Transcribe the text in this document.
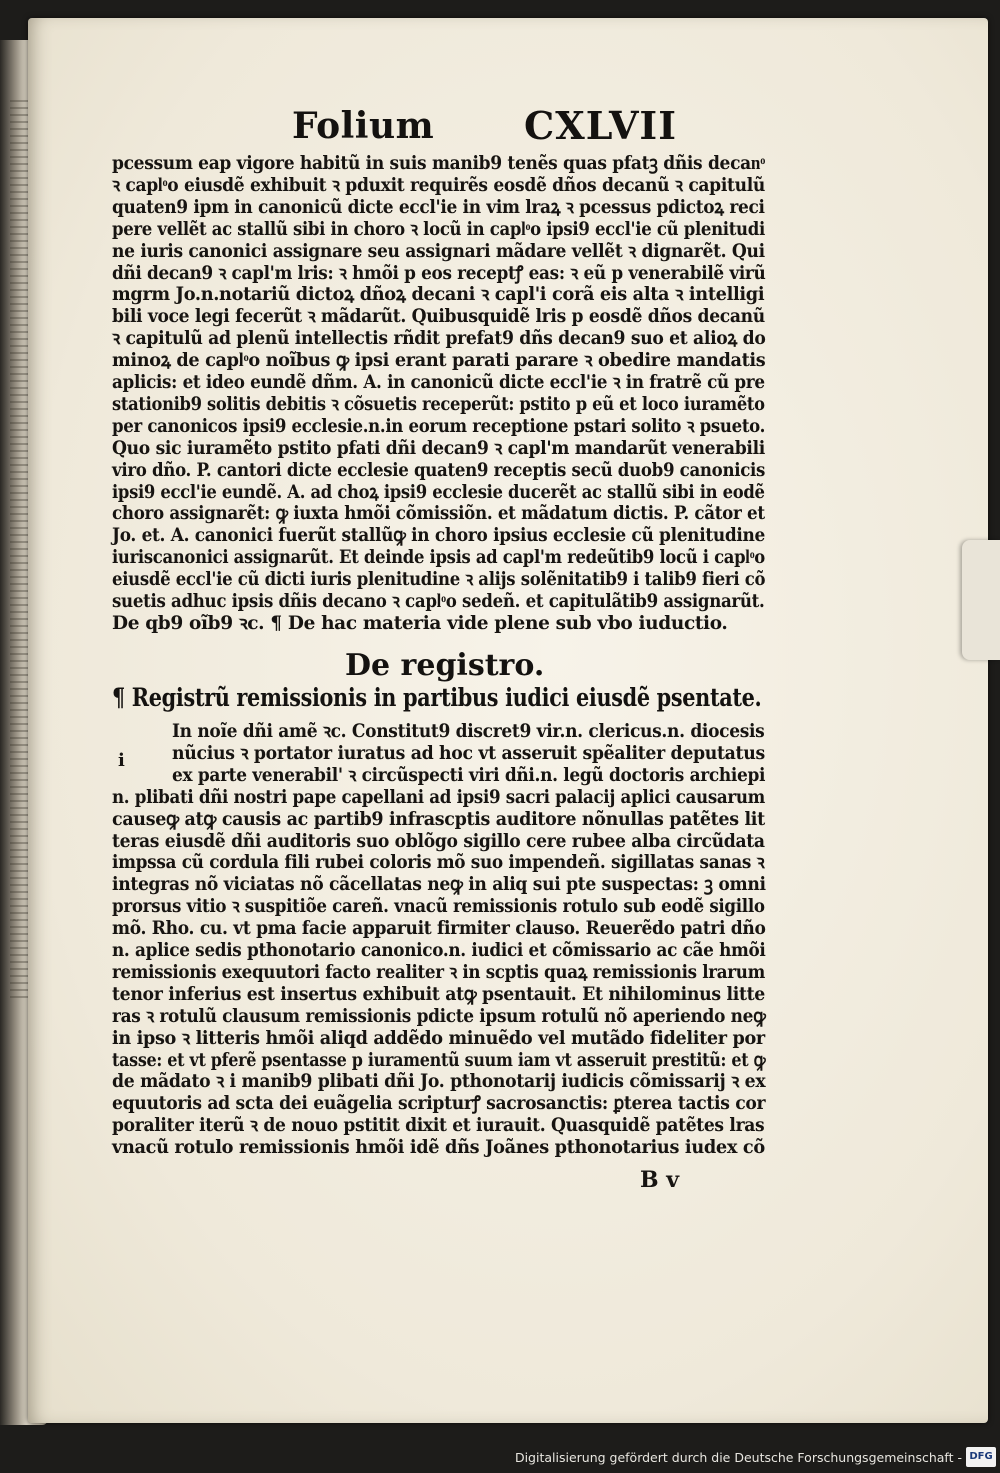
Folium CXLVII
pcessum eap vigore habitũ in suis manib9 tenẽs quas pfatꝫ dñis decanͦ
ꝛ caplͦo eiusdẽ exhibuit ꝛ pduxit requirẽs eosdẽ dños decanũ ꝛ capitulũ
quaten9 ipm in canonicũ dicte eccl'ie in vim lraꝝ ꝛ pcessus pdictoꝝ reci
pere vellẽt ac stallũ sibi in choro ꝛ locũ in caplͦo ipsi9 eccl'ie cũ plenitudi
ne iuris canonici assignare seu assignari mãdare vellẽt ꝛ dignarẽt. Qui
dñi decan9 ꝛ capl'm lris: ꝛ hmõi p eos receptꝭ eas: ꝛ eũ p venerabilẽ virũ
mgrm Jo.n.notariũ dictoꝝ dñoꝝ decani ꝛ capl'i corã eis alta ꝛ intelligi
bili voce legi fecerũt ꝛ mãdarũt. Quibusquidẽ lris p eosdẽ dños decanũ
ꝛ capitulũ ad plenũ intellectis rñdit prefat9 dñs decan9 suo et alioꝝ do
minoꝝ de caplͦo noĩbus ꝙ ipsi erant parati parare ꝛ obedire mandatis
aplicis: et ideo eundẽ dñm. A. in canonicũ dicte eccl'ie ꝛ in fratrẽ cũ pre
stationib9 solitis debitis ꝛ cõsuetis receperũt: pstito p eũ et loco iuramẽto
per canonicos ipsi9 ecclesie.n.in eorum receptione pstari solito ꝛ psueto.
Quo sic iuramẽto pstito pfati dñi decan9 ꝛ capl'm mandarũt venerabili
viro dño. P. cantori dicte ecclesie quaten9 receptis secũ duob9 canonicis
ipsi9 eccl'ie eundẽ. A. ad choꝝ ipsi9 ecclesie ducerẽt ac stallũ sibi in eodẽ
choro assignarẽt: ꝙ iuxta hmõi cõmissiõn. et mãdatum dictis. P. cãtor et
Jo. et. A. canonici fuerũt stallũꝙ in choro ipsius ecclesie cũ plenitudine
iuriscanonici assignarũt. Et deinde ipsis ad capl'm redeũtib9 locũ i caplͦo
eiusdẽ eccl'ie cũ dicti iuris plenitudine ꝛ alijs solẽnitatib9 i talib9 fieri cõ
suetis adhuc ipsis dñis decano ꝛ caplͦo sedeñ. et capitulãtib9 assignarũt.
De qb9 oĩb9 ꝛc. ¶ De hac materia vide plene sub vbo iuductio.
De registro.
¶ Registrũ remissionis in partibus iudici eiusdẽ psentate.
i
In noĩe dñi amẽ ꝛc. Constitut9 discret9 vir.n. clericus.n. diocesis
nũcius ꝛ portator iuratus ad hoc vt asseruit spẽaliter deputatus
ex parte venerabil' ꝛ circũspecti viri dñi.n. legũ doctoris archiepi
n. plibati dñi nostri pape capellani ad ipsi9 sacri palacij aplici causarum
causeꝙ atꝙ causis ac partib9 infrascptis auditore nõnullas patẽtes lit
teras eiusdẽ dñi auditoris suo oblõgo sigillo cere rubee alba circũdata
impssa cũ cordula fili rubei coloris mõ suo impendeñ. sigillatas sanas ꝛ
integras nõ viciatas nõ cãcellatas neꝙ in aliq sui pte suspectas: ꝫ omni
prorsus vitio ꝛ suspitiõe careñ. vnacũ remissionis rotulo sub eodẽ sigillo
mõ. Rho. cu. vt pma facie apparuit firmiter clauso. Reuerẽdo patri dño
n. aplice sedis pthonotario canonico.n. iudici et cõmissario ac cãe hmõi
remissionis exequutori facto realiter ꝛ in scptis quaꝝ remissionis lrarum
tenor inferius est insertus exhibuit atꝙ psentauit. Et nihilominus litte
ras ꝛ rotulũ clausum remissionis pdicte ipsum rotulũ nõ aperiendo neꝙ
in ipso ꝛ litteris hmõi aliqd addẽdo minuẽdo vel mutãdo fideliter por
tasse: et vt pferẽ psentasse p iuramentũ suum iam vt asseruit prestitũ: et ꝙ
de mãdato ꝛ i manib9 plibati dñi Jo. pthonotarij iudicis cõmissarij ꝛ ex
equutoris ad scta dei euãgelia scripturꝭ sacrosanctis: ꝑterea tactis cor
poraliter iterũ ꝛ de nouo pstitit dixit et iurauit. Quasquidẽ patẽtes lras
vnacũ rotulo remissionis hmõi idẽ dñs Joãnes pthonotarius iudex cõ
B v
Digitalisierung gefördert durch die Deutsche Forschungsgemeinschaft - DFG
